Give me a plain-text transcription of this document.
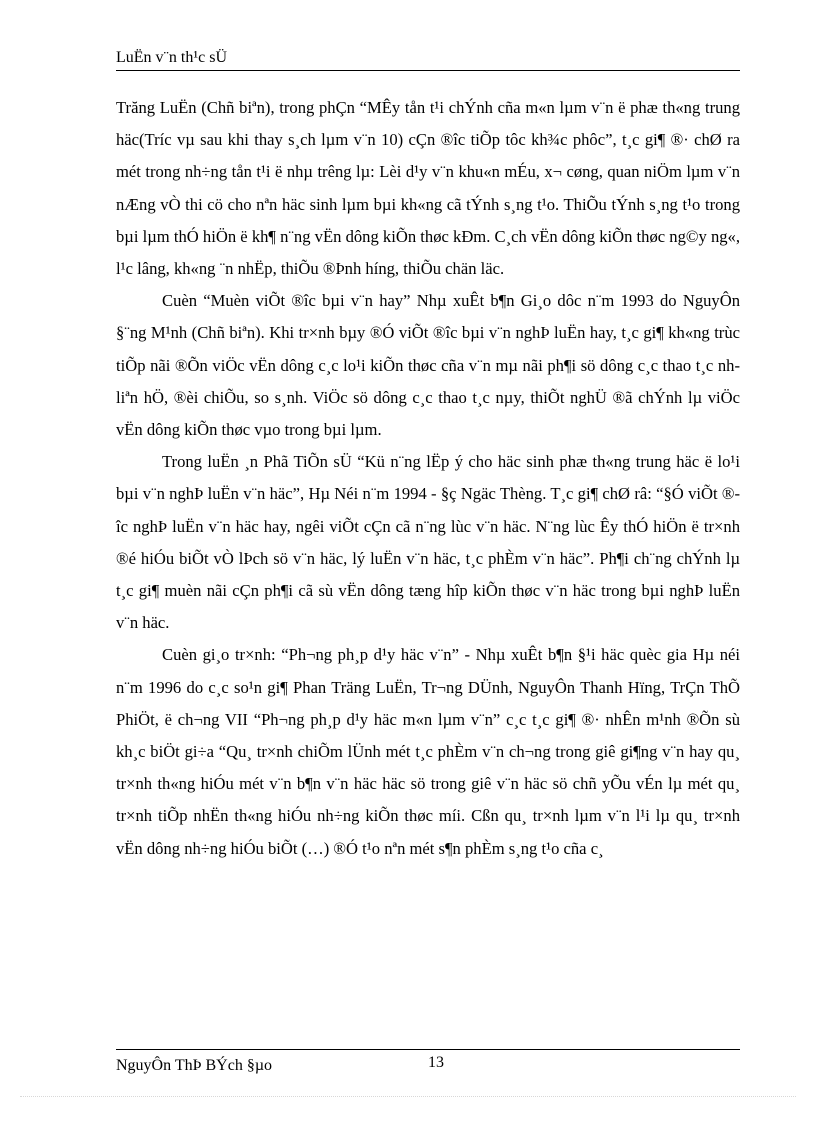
LuËn v¨n th¹c sÜ

Trăng LuËn (Chñ biªn), trong phÇn “MÊy tån t¹i chÝnh cña m«n lµm v¨n ë phæ th«ng trung häc(Tríc vµ sau khi thay s¸ch lµm v¨n 10) cÇn ®îc tiÕp tôc kh¾c phôc”, t¸c gi¶ ®· chØ ra mét trong nh÷ng tån t¹i ë nhµ trêng lµ: Lèi d¹y v¨n khu«n mÉu, x¬ cøng, quan niÖm lµm v¨n nÆng vÒ thi cö cho nªn häc sinh lµm bµi kh«ng cã tÝnh s¸ng t¹o. ThiÕu tÝnh s¸ng t¹o trong bµi lµm thÓ hiÖn ë kh¶ n¨ng vËn dông kiÕn thøc kÐm. C¸ch vËn dông kiÕn thøc ng©y ng«, l¹c lâng, kh«ng ¨n nhËp, thiÕu ®Þnh híng, thiÕu chän läc.

Cuèn “Muèn viÕt ®îc bµi v¨n hay” Nhµ xuÊt b¶n Gi¸o dôc n¨m 1993 do NguyÔn §¨ng M¹nh (Chñ biªn). Khi tr×nh bµy ®Ó viÕt ®îc bµi v¨n nghÞ luËn hay, t¸c gi¶ kh«ng trùc tiÕp nãi ®Õn viÖc vËn dông c¸c lo¹i kiÕn thøc cña v¨n mµ nãi ph¶i sö dông c¸c thao t¸c nh liªn hÖ, ®èi chiÕu, so s¸nh. ViÖc sö dông c¸c thao t¸c nµy, thiÕt nghÜ ®ã chÝnh lµ viÖc vËn dông kiÕn thøc vµo trong bµi lµm.

Trong luËn ¸n Phã TiÕn sÜ “Kü n¨ng lËp ý cho häc sinh phæ th«ng trung häc ë lo¹i bµi v¨n nghÞ luËn v¨n häc”, Hµ Néi n¨m 1994 - §ç Ngäc Thèng. T¸c gi¶ chØ râ: “§Ó viÕt ®îc nghÞ luËn v¨n häc hay, ngêi viÕt cÇn cã n¨ng lùc v¨n häc. N¨ng lùc Êy thÓ hiÖn ë tr×nh ®é hiÓu biÕt vÒ lÞch sö v¨n häc, lý luËn v¨n häc, t¸c phÈm v¨n häc”. Ph¶i ch¨ng chÝnh lµ t¸c gi¶ muèn nãi cÇn ph¶i cã sù vËn dông tæng hîp kiÕn thøc v¨n häc trong bµi nghÞ luËn v¨n häc.

Cuèn gi¸o tr×nh: “Ph¬ng ph¸p d¹y häc v¨n” - Nhµ xuÊt b¶n §¹i häc quèc gia Hµ néi n¨m 1996 do c¸c so¹n gi¶ Phan Träng LuËn, Tr¬ng DÜnh, NguyÔn Thanh Hïng, TrÇn ThÕ PhiÖt, ë ch¬ng VII “Ph¬ng ph¸p d¹y häc m«n lµm v¨n” c¸c t¸c gi¶ ®· nhÊn m¹nh ®Õn sù kh¸c biÖt gi÷a “Qu¸ tr×nh chiÕm lÜnh mét t¸c phÈm v¨n ch¬ng trong giê gi¶ng v¨n hay qu¸ tr×nh th«ng hiÓu mét v¨n b¶n v¨n häc häc sö trong giê v¨n häc sö chñ yÕu vÉn lµ mét qu¸ tr×nh tiÕp nhËn th«ng hiÓu nh÷ng kiÕn thøc míi. Cßn qu¸ tr×nh lµm v¨n l¹i lµ qu¸ tr×nh vËn dông nh÷ng hiÓu biÕt (…) ®Ó t¹o nªn mét s¶n phÈm s¸ng t¹o cña c¸

NguyÔn ThÞ BÝch §µo	13
